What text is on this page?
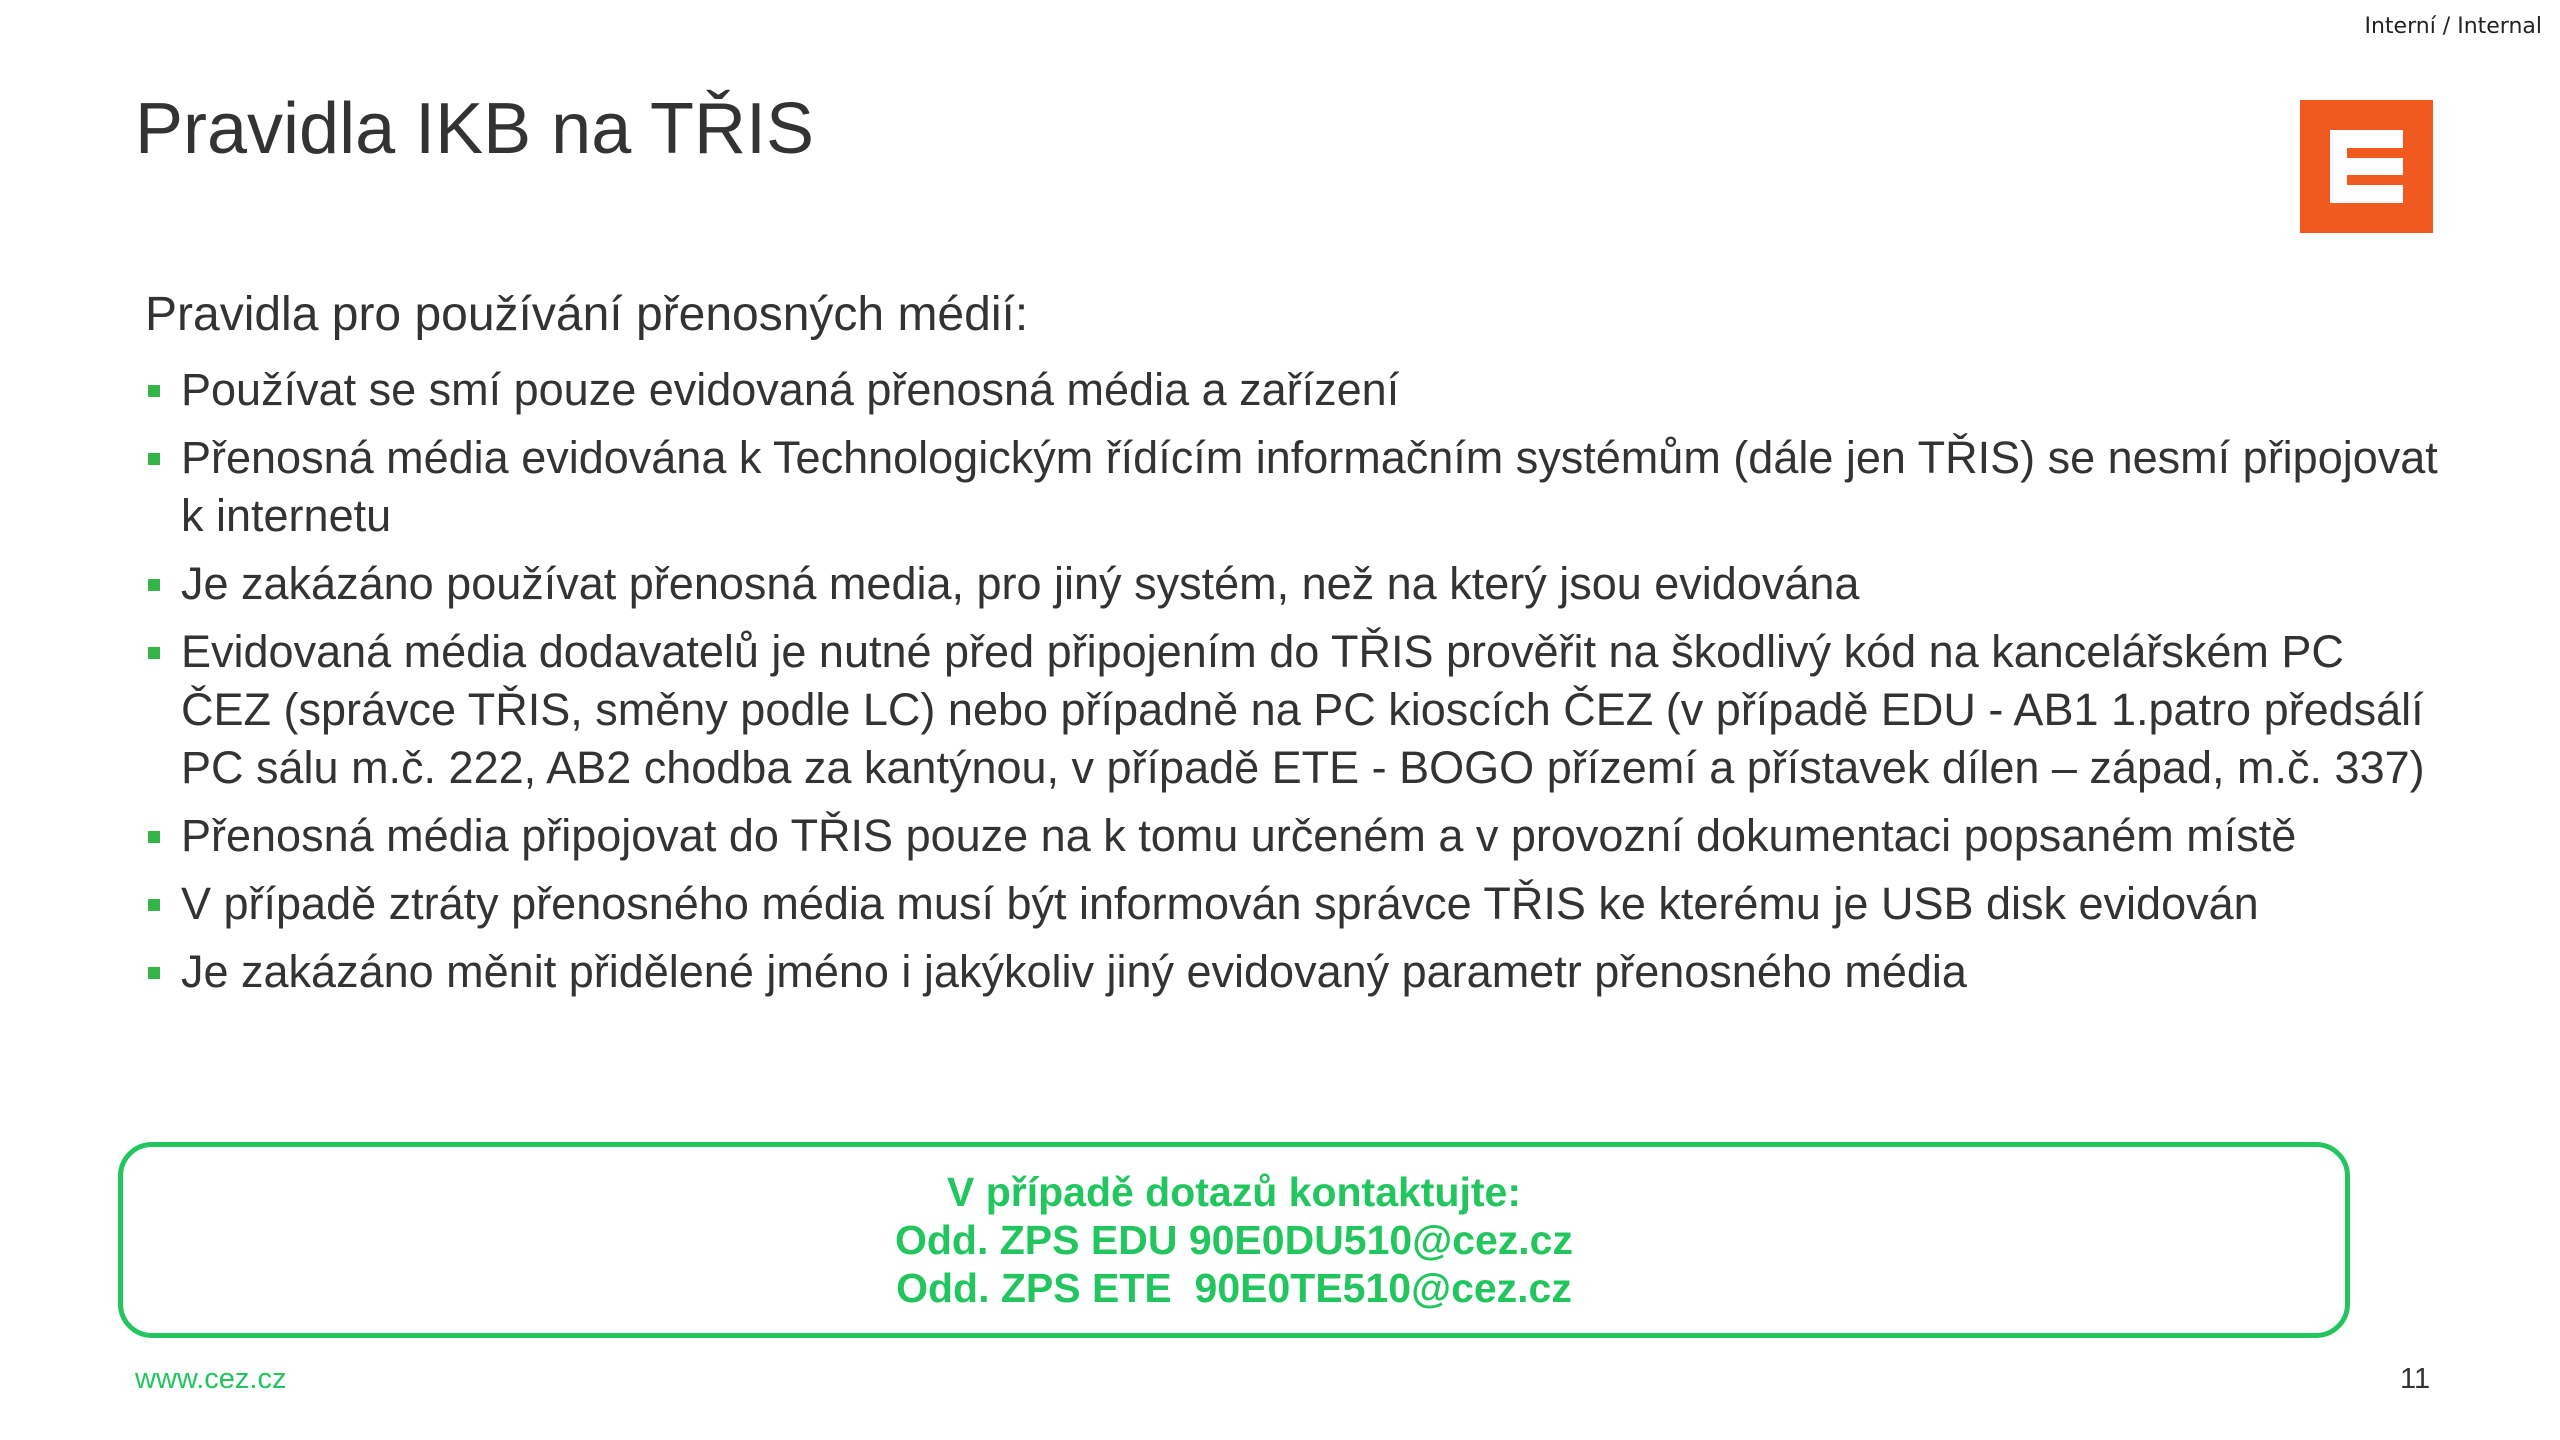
Interní / Internal
Pravidla IKB na TŘIS
Pravidla pro používání přenosných médií:
Používat se smí pouze evidovaná přenosná média a zařízení
Přenosná média evidována k Technologickým řídícím informačním systémům (dále jen TŘIS) se nesmí připojovat k internetu
Je zakázáno používat přenosná media, pro jiný systém, než na který jsou evidována
Evidovaná média dodavatelů je nutné před připojením do TŘIS prověřit na škodlivý kód na kancelářském PC ČEZ (správce TŘIS, směny podle LC) nebo případně na PC kioscích ČEZ (v případě EDU - AB1 1.patro předsálí PC sálu m.č. 222, AB2 chodba za kantýnou, v případě ETE - BOGO přízemí a přístavek dílen – západ, m.č. 337)
Přenosná média připojovat do TŘIS pouze na k tomu určeném a v provozní dokumentaci popsaném místě
V případě ztráty přenosného média musí být informován správce TŘIS ke kterému je USB disk evidován
Je zakázáno měnit přidělené jméno i jakýkoliv jiný evidovaný parametr přenosného média
V případě dotazů kontaktujte:
Odd. ZPS EDU 90E0DU510@cez.cz
Odd. ZPS ETE  90E0TE510@cez.cz
www.cez.cz	11
